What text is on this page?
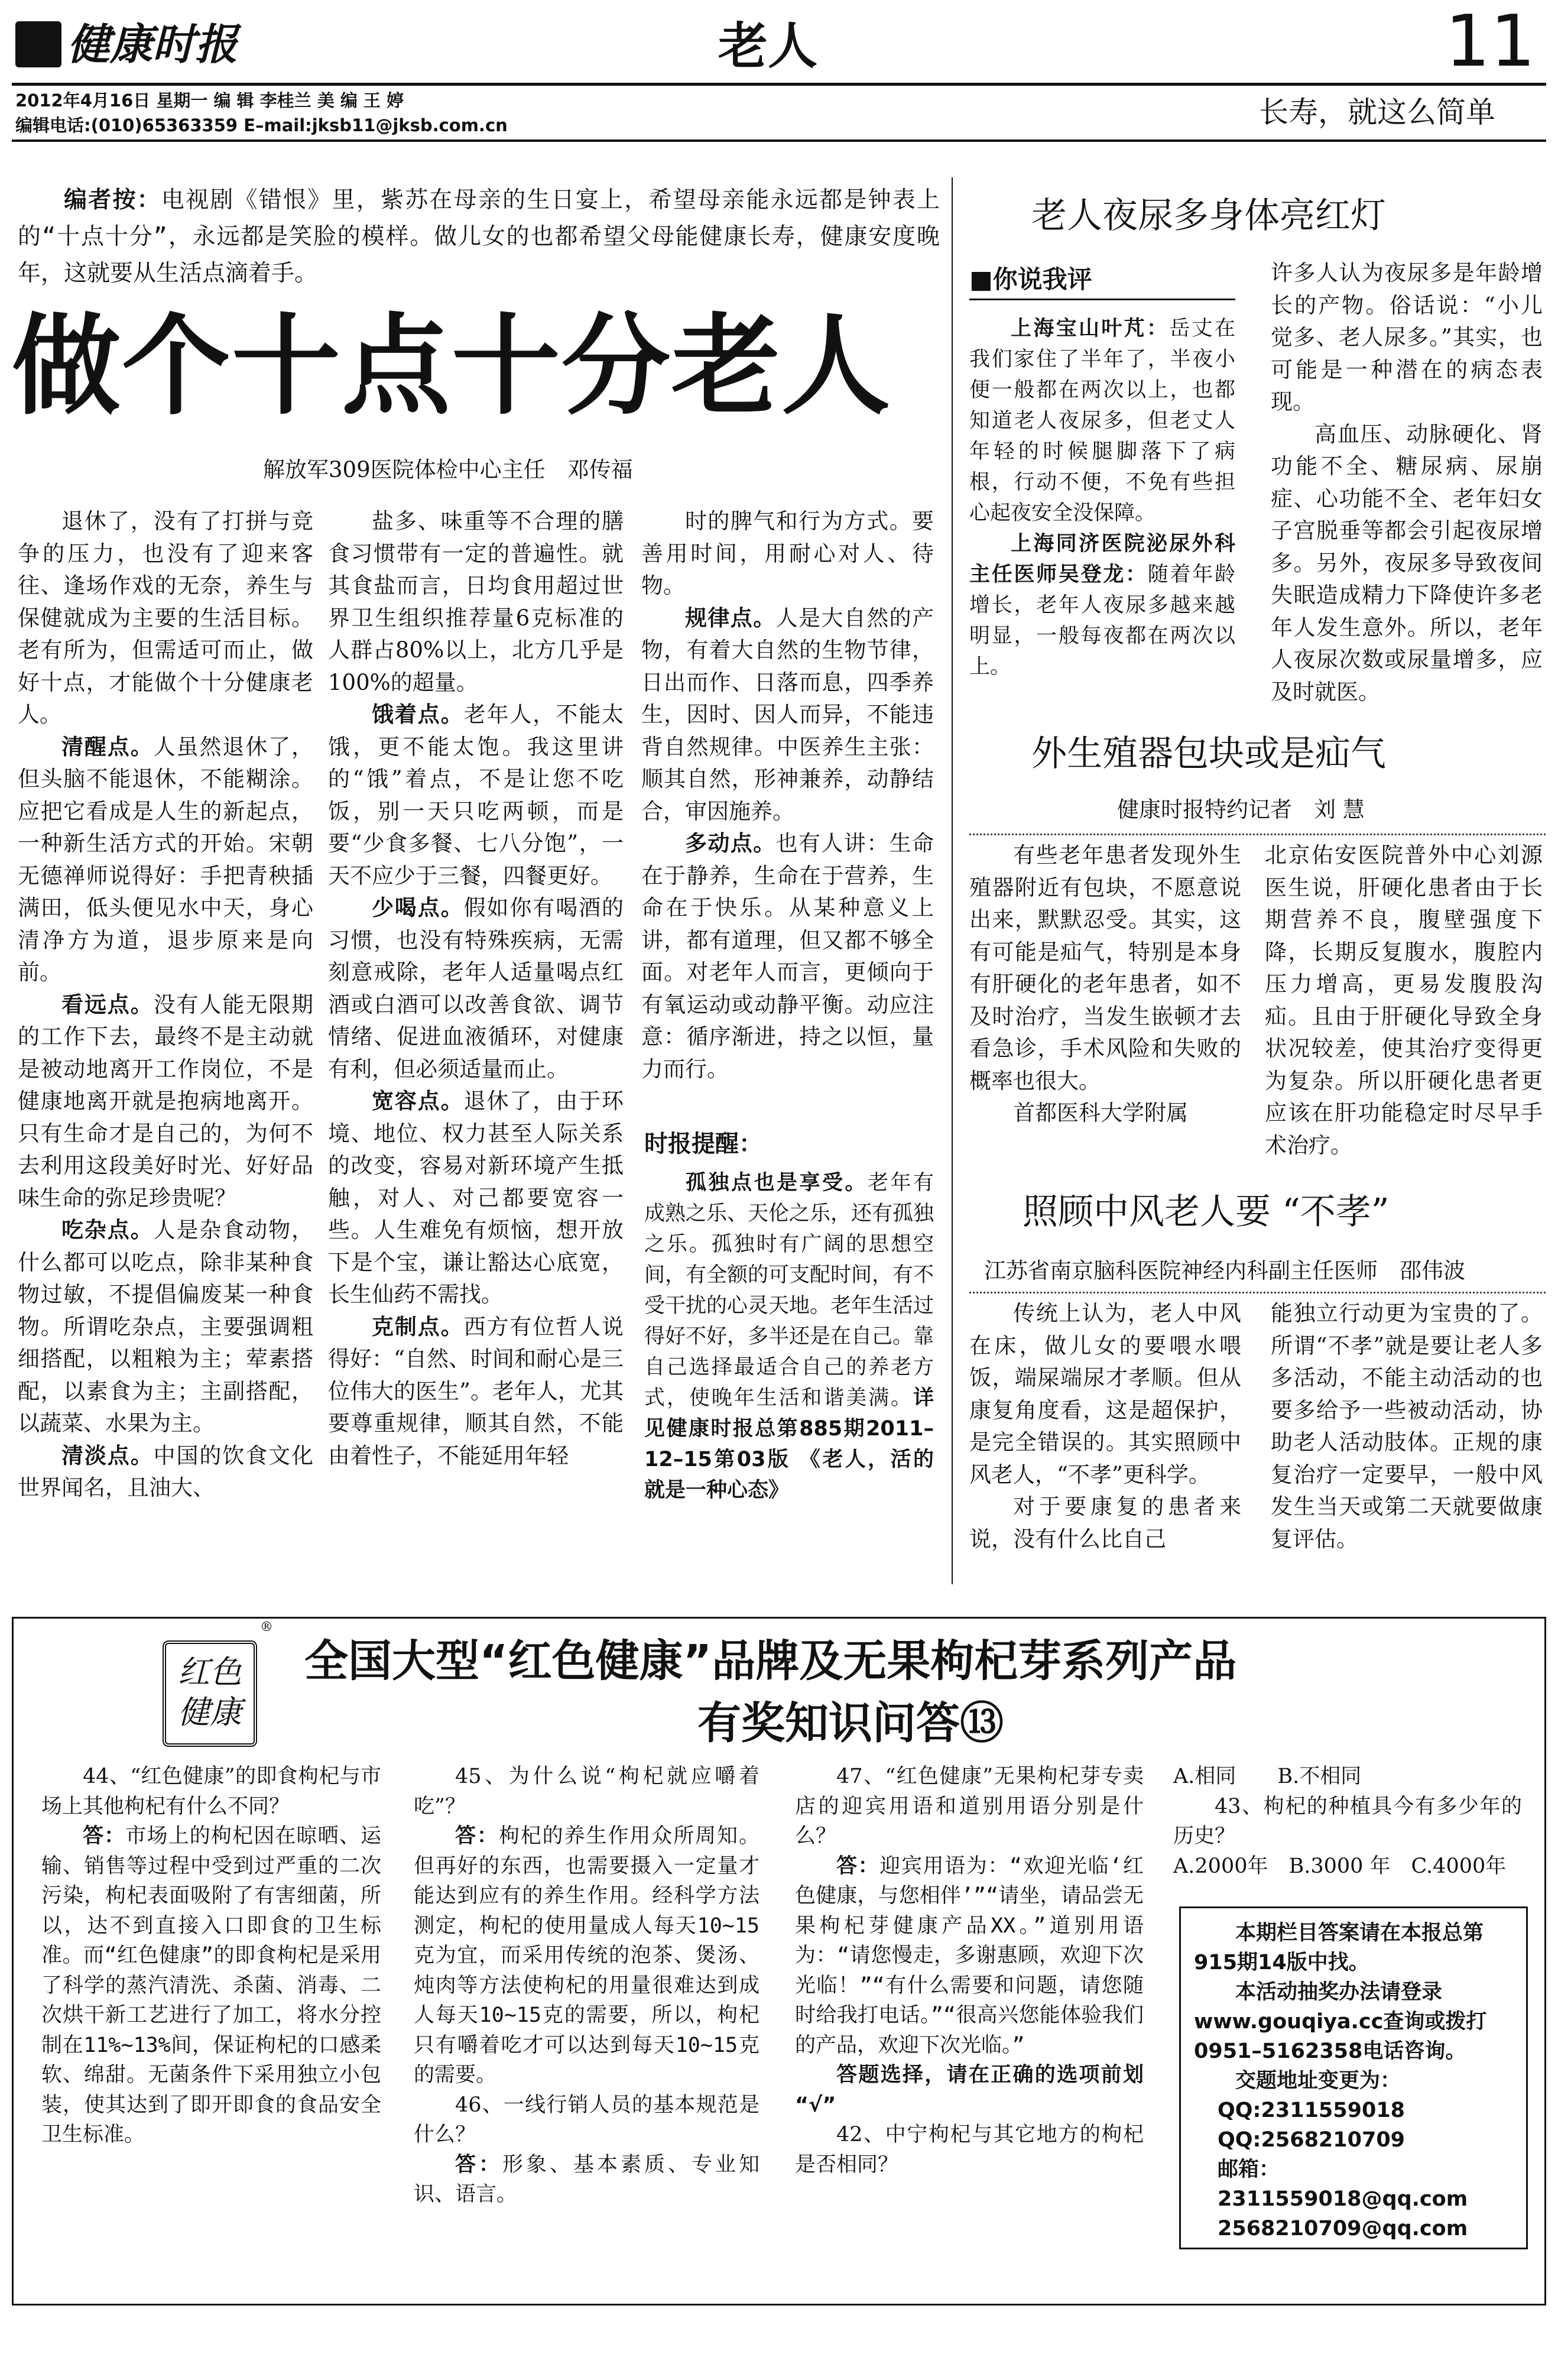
健康时报	老人	11
2012年4月16日 星期一 编 辑 李桂兰 美 编 王 婷
编辑电话:(010)65363359 E–mail:jksb11@jksb.com.cn	长寿，就这么简单
编者按：电视剧《错恨》里，紫苏在母亲的生日宴上，希望母亲能永远都是钟表上的“十点十分”，永远都是笑脸的模样。做儿女的也都希望父母能健康长寿，健康安度晚年，这就要从生活点滴着手。
做个十点十分老人
解放军309医院体检中心主任　邓传福

退休了，没有了打拼与竞争的压力，也没有了迎来客往、逢场作戏的无奈，养生与保健就成为主要的生活目标。老有所为，但需适可而止，做好十点，才能做个十分健康老人。

清醒点。人虽然退休了，但头脑不能退休，不能糊涂。应把它看成是人生的新起点，一种新生活方式的开始。宋朝无德禅师说得好：手把青秧插满田，低头便见水中天，身心清净方为道，退步原来是向前。

看远点。没有人能无限期的工作下去，最终不是主动就是被动地离开工作岗位，不是健康地离开就是抱病地离开。只有生命才是自己的，为何不去利用这段美好时光、好好品味生命的弥足珍贵呢？

吃杂点。人是杂食动物，什么都可以吃点，除非某种食物过敏，不提倡偏废某一种食物。所谓吃杂点，主要强调粗细搭配，以粗粮为主；荤素搭配，以素食为主；主副搭配，以蔬菜、水果为主。

清淡点。中国的饮食文化世界闻名，且油大、

盐多、味重等不合理的膳食习惯带有一定的普遍性。就其食盐而言，日均食用超过世界卫生组织推荐量6克标准的人群占80%以上，北方几乎是100%的超量。

饿着点。老年人，不能太饿，更不能太饱。我这里讲的“饿”着点，不是让您不吃饭，别一天只吃两顿，而是要“少食多餐、七八分饱”，一天不应少于三餐，四餐更好。

少喝点。假如你有喝酒的习惯，也没有特殊疾病，无需刻意戒除，老年人适量喝点红酒或白酒可以改善食欲、调节情绪、促进血液循环，对健康有利，但必须适量而止。

宽容点。退休了，由于环境、地位、权力甚至人际关系的改变，容易对新环境产生抵触，对人、对己都要宽容一些。人生难免有烦恼，想开放下是个宝，谦让豁达心底宽，长生仙药不需找。

克制点。西方有位哲人说得好：“自然、时间和耐心是三位伟大的医生”。老年人，尤其要尊重规律，顺其自然，不能由着性子，不能延用年轻

时的脾气和行为方式。要善用时间，用耐心对人、待物。

规律点。人是大自然的产物，有着大自然的生物节律，日出而作、日落而息，四季养生，因时、因人而异，不能违背自然规律。中医养生主张：顺其自然，形神兼养，动静结合，审因施养。

多动点。也有人讲：生命在于静养，生命在于营养，生命在于快乐。从某种意义上讲，都有道理，但又都不够全面。对老年人而言，更倾向于有氧运动或动静平衡。动应注意：循序渐进，持之以恒，量力而行。

时报提醒：
孤独点也是享受。老年有成熟之乐、天伦之乐，还有孤独之乐。孤独时有广阔的思想空间，有全额的可支配时间，有不受干扰的心灵天地。老年生活过得好不好，多半还是在自己。靠自己选择最适合自己的养老方式，使晚年生活和谐美满。详见健康时报总第885期2011–12–15第03版 《老人，活的就是一种心态》
老人夜尿多身体亮红灯
■你说我评

上海宝山叶芃：岳丈在我们家住了半年了，半夜小便一般都在两次以上，也都知道老人夜尿多，但老丈人年轻的时候腿脚落下了病根，行动不便，不免有些担心起夜安全没保障。

上海同济医院泌尿外科主任医师吴登龙：随着年龄增长，老年人夜尿多越来越明显，一般每夜都在两次以上。

许多人认为夜尿多是年龄增长的产物。俗话说：“小儿觉多、老人尿多。”其实，也可能是一种潜在的病态表现。

高血压、动脉硬化、肾功能不全、糖尿病、尿崩症、心功能不全、老年妇女子宫脱垂等都会引起夜尿增多。另外，夜尿多导致夜间失眠造成精力下降使许多老年人发生意外。所以，老年人夜尿次数或尿量增多，应及时就医。

外生殖器包块或是疝气
健康时报特约记者　刘 慧

有些老年患者发现外生殖器附近有包块，不愿意说出来，默默忍受。其实，这有可能是疝气，特别是本身有肝硬化的老年患者，如不及时治疗，当发生嵌顿才去看急诊，手术风险和失败的概率也很大。

首都医科大学附属

北京佑安医院普外中心刘源医生说，肝硬化患者由于长期营养不良，腹壁强度下降，长期反复腹水，腹腔内压力增高，更易发腹股沟疝。且由于肝硬化导致全身状况较差，使其治疗变得更为复杂。所以肝硬化患者更应该在肝功能稳定时尽早手术治疗。

照顾中风老人要 “不孝”
江苏省南京脑科医院神经内科副主任医师　邵伟波

传统上认为，老人中风在床，做儿女的要喂水喂饭，端屎端尿才孝顺。但从康复角度看，这是超保护，是完全错误的。其实照顾中风老人，“不孝”更科学。

对于要康复的患者来说，没有什么比自己

能独立行动更为宝贵的了。所谓“不孝”就是要让老人多多活动，不能主动活动的也要多给予一些被动活动，协助老人活动肢体。正规的康复治疗一定要早，一般中风发生当天或第二天就要做康复评估。

红色健康
®
全国大型“红色健康”品牌及无果枸杞芽系列产品
有奖知识问答⑬

44、“红色健康”的即食枸杞与市场上其他枸杞有什么不同？

答：市场上的枸杞因在晾晒、运输、销售等过程中受到过严重的二次污染，枸杞表面吸附了有害细菌，所以，达不到直接入口即食的卫生标准。而“红色健康”的即食枸杞是采用了科学的蒸汽清洗、杀菌、消毒、二次烘干新工艺进行了加工，将水分控制在11%~13%间，保证枸杞的口感柔软、绵甜。无菌条件下采用独立小包装，使其达到了即开即食的食品安全卫生标准。

45、为什么说“枸杞就应嚼着吃”？

答：枸杞的养生作用众所周知。但再好的东西，也需要摄入一定量才能达到应有的养生作用。经科学方法测定，枸杞的使用量成人每天10~15克为宜，而采用传统的泡茶、煲汤、炖肉等方法使枸杞的用量很难达到成人每天10~15克的需要，所以，枸杞只有嚼着吃才可以达到每天10~15克的需要。

46、一线行销人员的基本规范是什么？

答：形象、基本素质、专业知识、语言。

47、“红色健康”无果枸杞芽专卖店的迎宾用语和道别用语分别是什么？

答：迎宾用语为：“欢迎光临‘红色健康，与您相伴’”“请坐，请品尝无果枸杞芽健康产品XX。”道别用语为：“请您慢走，多谢惠顾，欢迎下次光临！”“有什么需要和问题，请您随时给我打电话。”“很高兴您能体验我们的产品，欢迎下次光临。”

答题选择，请在正确的选项前划 “√”

42、中宁枸杞与其它地方的枸杞是否相同？

A.相同　　B.不相同

43、枸杞的种植具今有多少年的历史？

A.2000年　B.3000 年　C.4000年

本期栏目答案请在本报总第915期14版中找。
本活动抽奖办法请登录www.gouqiya.cc查询或拨打0951–5162358电话咨询。
交题地址变更为：
QQ:2311559018
QQ:2568210709
邮箱：
2311559018@qq.com
2568210709@qq.com
